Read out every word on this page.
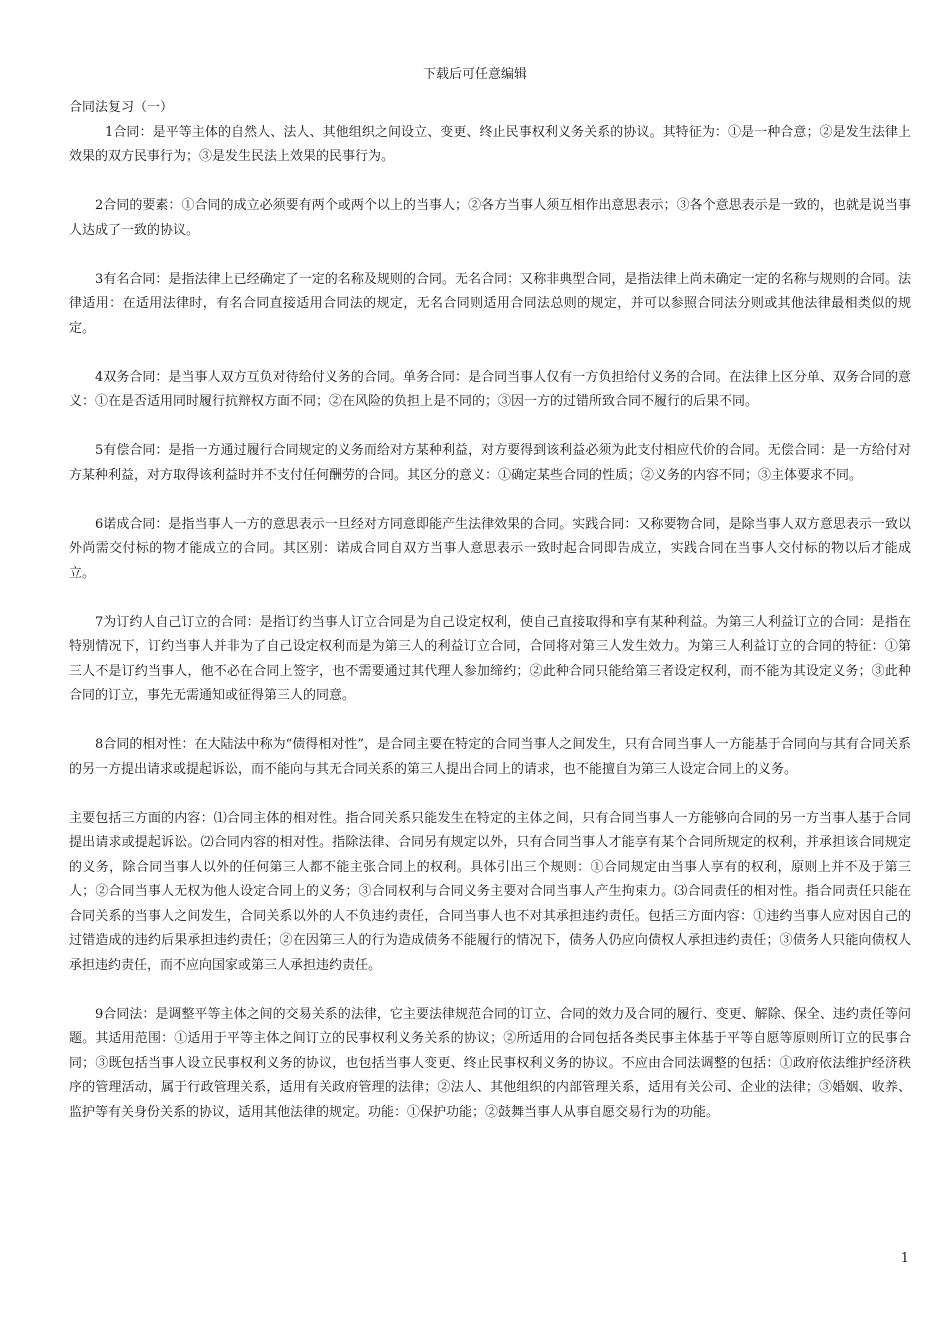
下载后可任意编辑

合同法复习（一）

1合同：是平等主体的自然人、法人、其他组织之间设立、变更、终止民事权利义务关系的协议。其特征为：①是一种合意；②是发生法律上效果的双方民事行为；③是发生民法上效果的民事行为。

2合同的要素：①合同的成立必须要有两个或两个以上的当事人；②各方当事人须互相作出意思表示；③各个意思表示是一致的，也就是说当事人达成了一致的协议。

3有名合同：是指法律上已经确定了一定的名称及规则的合同。无名合同：又称非典型合同，是指法律上尚未确定一定的名称与规则的合同。法律适用：在适用法律时，有名合同直接适用合同法的规定，无名合同则适用合同法总则的规定，并可以参照合同法分则或其他法律最相类似的规定。

4双务合同：是当事人双方互负对待给付义务的合同。单务合同：是合同当事人仅有一方负担给付义务的合同。在法律上区分单、双务合同的意义：①在是否适用同时履行抗辩权方面不同；②在风险的负担上是不同的；③因一方的过错所致合同不履行的后果不同。

5有偿合同：是指一方通过履行合同规定的义务而给对方某种利益，对方要得到该利益必须为此支付相应代价的合同。无偿合同：是一方给付对方某种利益，对方取得该利益时并不支付任何酬劳的合同。其区分的意义：①确定某些合同的性质；②义务的内容不同；③主体要求不同。

6诺成合同：是指当事人一方的意思表示一旦经对方同意即能产生法律效果的合同。实践合同：又称要物合同，是除当事人双方意思表示一致以外尚需交付标的物才能成立的合同。其区别：诺成合同自双方当事人意思表示一致时起合同即告成立，实践合同在当事人交付标的物以后才能成立。

7为订约人自己订立的合同：是指订约当事人订立合同是为自己设定权利，使自己直接取得和享有某种利益。为第三人利益订立的合同：是指在特别情况下，订约当事人并非为了自己设定权利而是为第三人的利益订立合同，合同将对第三人发生效力。为第三人利益订立的合同的特征：①第三人不是订约当事人，他不必在合同上签字，也不需要通过其代理人参加缔约；②此种合同只能给第三者设定权利，而不能为其设定义务；③此种合同的订立，事先无需通知或征得第三人的同意。

8合同的相对性：在大陆法中称为“债得相对性”，是合同主要在特定的合同当事人之间发生，只有合同当事人一方能基于合同向与其有合同关系的另一方提出请求或提起诉讼，而不能向与其无合同关系的第三人提出合同上的请求，也不能擅自为第三人设定合同上的义务。

主要包括三方面的内容：⑴合同主体的相对性。指合同关系只能发生在特定的主体之间，只有合同当事人一方能够向合同的另一方当事人基于合同提出请求或提起诉讼。⑵合同内容的相对性。指除法律、合同另有规定以外，只有合同当事人才能享有某个合同所规定的权利，并承担该合同规定的义务，除合同当事人以外的任何第三人都不能主张合同上的权利。具体引出三个规则：①合同规定由当事人享有的权利，原则上并不及于第三人；②合同当事人无权为他人设定合同上的义务；③合同权利与合同义务主要对合同当事人产生拘束力。⑶合同责任的相对性。指合同责任只能在合同关系的当事人之间发生，合同关系以外的人不负违约责任，合同当事人也不对其承担违约责任。包括三方面内容：①违约当事人应对因自己的过错造成的违约后果承担违约责任；②在因第三人的行为造成债务不能履行的情况下，债务人仍应向债权人承担违约责任；③债务人只能向债权人承担违约责任，而不应向国家或第三人承担违约责任。

9合同法：是调整平等主体之间的交易关系的法律，它主要法律规范合同的订立、合同的效力及合同的履行、变更、解除、保全、违约责任等问题。其适用范围：①适用于平等主体之间订立的民事权利义务关系的协议；②所适用的合同包括各类民事主体基于平等自愿等原则所订立的民事合同；③既包括当事人设立民事权利义务的协议，也包括当事人变更、终止民事权利义务的协议。不应由合同法调整的包括：①政府依法维护经济秩序的管理活动，属于行政管理关系，适用有关政府管理的法律；②法人、其他组织的内部管理关系，适用有关公司、企业的法律；③婚姻、收养、监护等有关身份关系的协议，适用其他法律的规定。功能：①保护功能；②鼓舞当事人从事自愿交易行为的功能。

1
